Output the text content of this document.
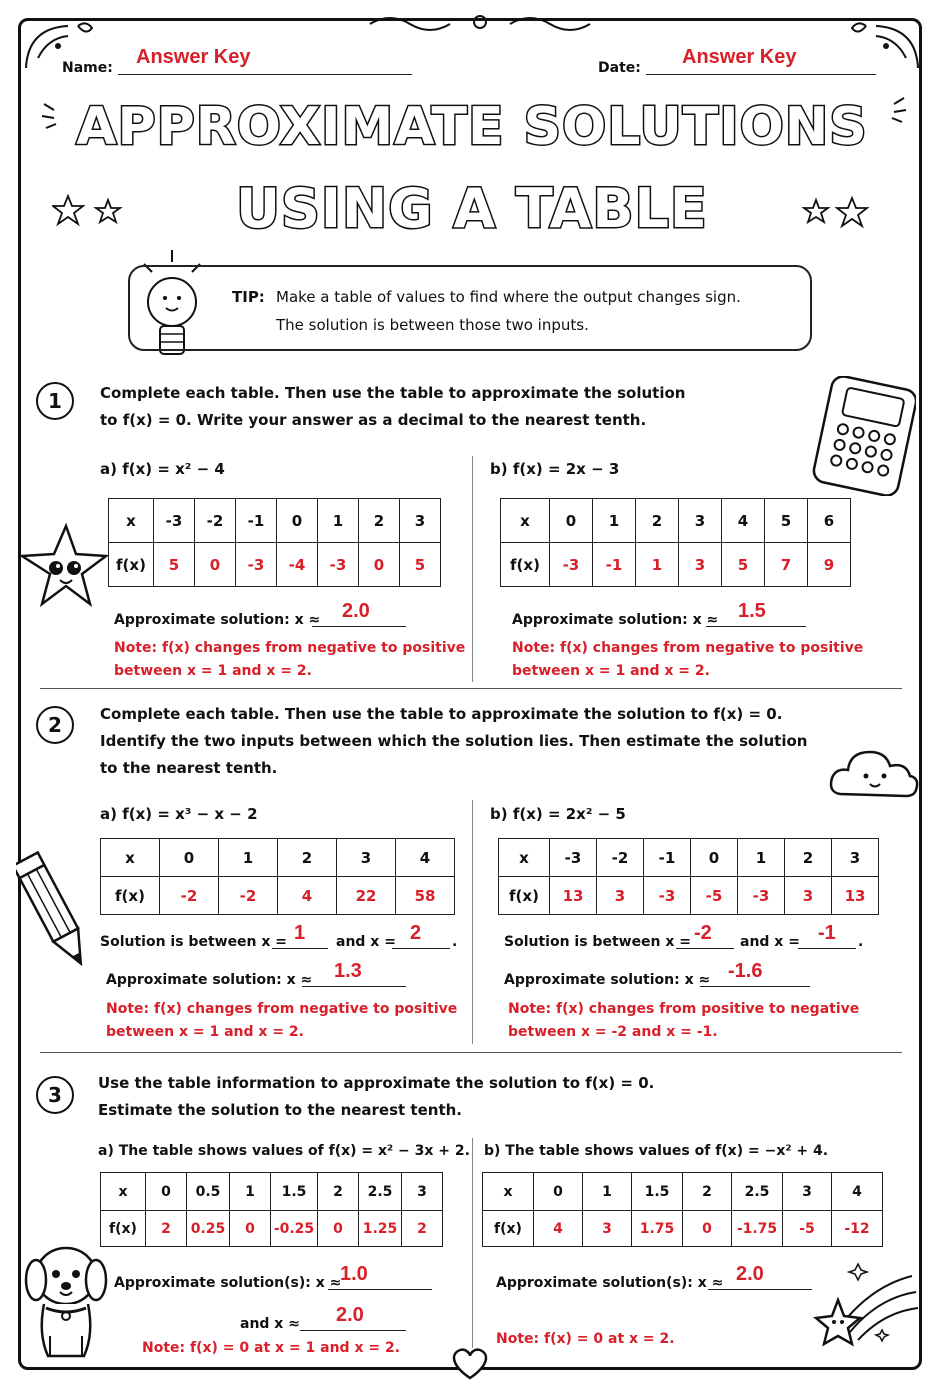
Name: Answer Key	Date: Answer Key
APPROXIMATE SOLUTIONS
USING A TABLE
TIP: Make a table of values to find where the output changes sign.
The solution is between those two inputs.
1	Complete each table. Then use the table to approximate the solution
to f(x) = 0. Write your answer as a decimal to the nearest tenth.
a) f(x) = x² − 4
x	-3	-2	-1	0	1	2	3
f(x)	5	0	-3	-4	-3	0	5
Approximate solution: x ≈ 2.0
Note: f(x) changes from negative to positive
between x = 1 and x = 2.
b) f(x) = 2x − 3
x	0	1	2	3	4	5	6
f(x)	-3	-1	1	3	5	7	9
Approximate solution: x ≈ 1.5
Note: f(x) changes from negative to positive
between x = 1 and x = 2.
2	Complete each table. Then use the table to approximate the solution to f(x) = 0.
Identify the two inputs between which the solution lies. Then estimate the solution
to the nearest tenth.
a) f(x) = x³ − x − 2
x	0	1	2	3	4
f(x)	-2	-2	4	22	58
Solution is between x = 1 and x = 2 .
Approximate solution: x ≈ 1.3
Note: f(x) changes from negative to positive
between x = 1 and x = 2.
b) f(x) = 2x² − 5
x	-3	-2	-1	0	1	2	3
f(x)	13	3	-3	-5	-3	3	13
Solution is between x = -2 and x = -1 .
Approximate solution: x ≈ -1.6
Note: f(x) changes from positive to negative
between x = -2 and x = -1.
3	Use the table information to approximate the solution to f(x) = 0.
Estimate the solution to the nearest tenth.
a) The table shows values of f(x) = x² − 3x + 2.
x	0	0.5	1	1.5	2	2.5	3
f(x)	2	0.25	0	-0.25	0	1.25	2
Approximate solution(s): x ≈
1.0
and x ≈ 2.0
Note: f(x) = 0 at x = 1 and x = 2.
b) The table shows values of f(x) = −x² + 4.
x	0	1	1.5	2	2.5	3	4
f(x)	4	3	1.75	0	-1.75	-5	-12
Approximate solution(s): x ≈ 2.0
Note: f(x) = 0 at x = 2.
